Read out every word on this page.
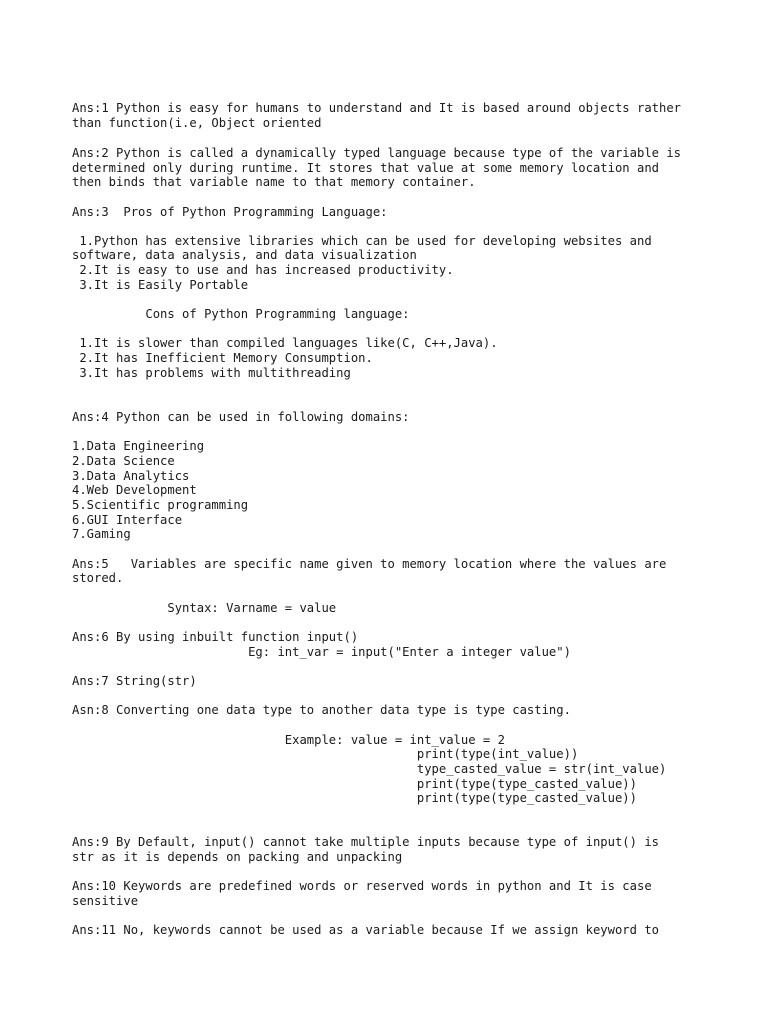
Ans:1 Python is easy for humans to understand and It is based around objects rather
than function(i.e, Object oriented
Ans:2 Python is called a dynamically typed language because type of the variable is
determined only during runtime. It stores that value at some memory location and
then binds that variable name to that memory container.
Ans:3  Pros of Python Programming Language:
1.Python has extensive libraries which can be used for developing websites and
software, data analysis, and data visualization
2.It is easy to use and has increased productivity.
3.It is Easily Portable
Cons of Python Programming language:
1.It is slower than compiled languages like(C, C++,Java).
2.It has Inefficient Memory Consumption.
3.It has problems with multithreading
Ans:4 Python can be used in following domains:
1.Data Engineering
2.Data Science
3.Data Analytics
4.Web Development
5.Scientific programming
6.GUI Interface
7.Gaming
Ans:5   Variables are specific name given to memory location where the values are
stored.
Syntax: Varname = value
Ans:6 By using inbuilt function input()
Eg: int_var = input("Enter a integer value")
Ans:7 String(str)
Asn:8 Converting one data type to another data type is type casting.
Example: value = int_value = 2
print(type(int_value))
type_casted_value = str(int_value)
print(type(type_casted_value))
print(type(type_casted_value))
Ans:9 By Default, input() cannot take multiple inputs because type of input() is
str as it is depends on packing and unpacking
Ans:10 Keywords are predefined words or reserved words in python and It is case
sensitive
Ans:11 No, keywords cannot be used as a variable because If we assign keyword to
